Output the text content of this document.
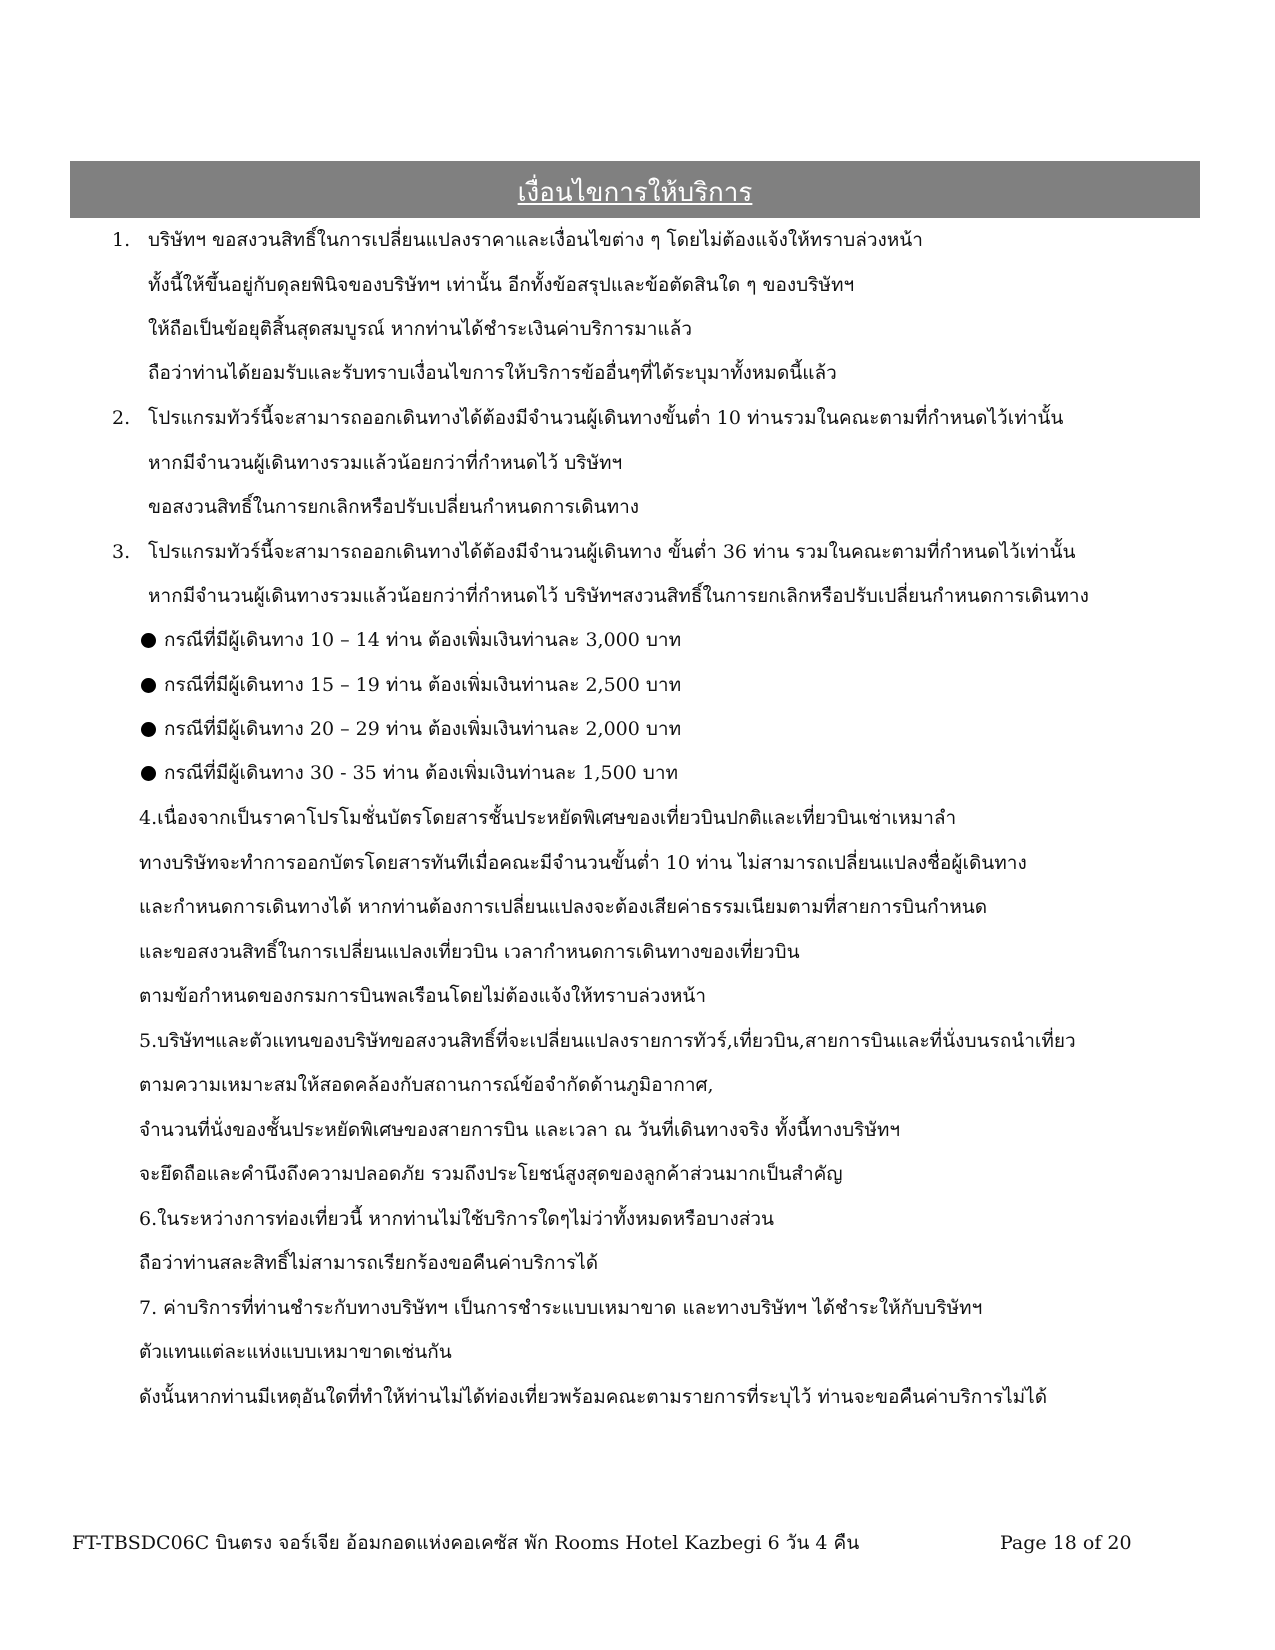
เงื่อนไขการให้บริการ
1. บริษัทฯ ขอสงวนสิทธิ์ในการเปลี่ยนแปลงราคาและเงื่อนไขต่าง ๆ โดยไม่ต้องแจ้งให้ทราบล่วงหน้า
ทั้งนี้ให้ขึ้นอยู่กับดุลยพินิจของบริษัทฯ เท่านั้น อีกทั้งข้อสรุปและข้อตัดสินใด ๆ ของบริษัทฯ
ให้ถือเป็นข้อยุติสิ้นสุดสมบูรณ์ หากท่านได้ชำระเงินค่าบริการมาแล้ว
ถือว่าท่านได้ยอมรับและรับทราบเงื่อนไขการให้บริการข้ออื่นๆที่ได้ระบุมาทั้งหมดนี้แล้ว
2. โปรแกรมทัวร์นี้จะสามารถออกเดินทางได้ต้องมีจำนวนผู้เดินทางขั้นต่ำ 10 ท่านรวมในคณะตามที่กำหนดไว้เท่านั้น
หากมีจำนวนผู้เดินทางรวมแล้วน้อยกว่าที่กำหนดไว้ บริษัทฯ
ขอสงวนสิทธิ์ในการยกเลิกหรือปรับเปลี่ยนกำหนดการเดินทาง
3. โปรแกรมทัวร์นี้จะสามารถออกเดินทางได้ต้องมีจำนวนผู้เดินทาง ขั้นต่ำ 36 ท่าน รวมในคณะตามที่กำหนดไว้เท่านั้น
หากมีจำนวนผู้เดินทางรวมแล้วน้อยกว่าที่กำหนดไว้ บริษัทฯสงวนสิทธิ์ในการยกเลิกหรือปรับเปลี่ยนกำหนดการเดินทาง
กรณีที่มีผู้เดินทาง 10 – 14 ท่าน ต้องเพิ่มเงินท่านละ 3,000 บาท
กรณีที่มีผู้เดินทาง 15 – 19 ท่าน ต้องเพิ่มเงินท่านละ 2,500 บาท
กรณีที่มีผู้เดินทาง 20 – 29 ท่าน ต้องเพิ่มเงินท่านละ 2,000 บาท
กรณีที่มีผู้เดินทาง 30 - 35 ท่าน ต้องเพิ่มเงินท่านละ 1,500 บาท
4.เนื่องจากเป็นราคาโปรโมชั่นบัตรโดยสารชั้นประหยัดพิเศษของเที่ยวบินปกติและเที่ยวบินเช่าเหมาลำ
ทางบริษัทจะทำการออกบัตรโดยสารทันทีเมื่อคณะมีจำนวนขั้นต่ำ 10 ท่าน ไม่สามารถเปลี่ยนแปลงชื่อผู้เดินทาง
และกำหนดการเดินทางได้ หากท่านต้องการเปลี่ยนแปลงจะต้องเสียค่าธรรมเนียมตามที่สายการบินกำหนด
และขอสงวนสิทธิ์ในการเปลี่ยนแปลงเที่ยวบิน เวลากำหนดการเดินทางของเที่ยวบิน
ตามข้อกำหนดของกรมการบินพลเรือนโดยไม่ต้องแจ้งให้ทราบล่วงหน้า
5.บริษัทฯและตัวแทนของบริษัทขอสงวนสิทธิ์ที่จะเปลี่ยนแปลงรายการทัวร์,เที่ยวบิน,สายการบินและที่นั่งบนรถนำเที่ยว
ตามความเหมาะสมให้สอดคล้องกับสถานการณ์ข้อจำกัดด้านภูมิอากาศ,
จำนวนที่นั่งของชั้นประหยัดพิเศษของสายการบิน และเวลา ณ วันที่เดินทางจริง ทั้งนี้ทางบริษัทฯ
จะยึดถือและคำนึงถึงความปลอดภัย รวมถึงประโยชน์สูงสุดของลูกค้าส่วนมากเป็นสำคัญ
6.ในระหว่างการท่องเที่ยวนี้ หากท่านไม่ใช้บริการใดๆไม่ว่าทั้งหมดหรือบางส่วน
ถือว่าท่านสละสิทธิ์ไม่สามารถเรียกร้องขอคืนค่าบริการได้
7. ค่าบริการที่ท่านชำระกับทางบริษัทฯ เป็นการชำระแบบเหมาขาด และทางบริษัทฯ ได้ชำระให้กับบริษัทฯ
ตัวแทนแต่ละแห่งแบบเหมาขาดเช่นกัน
ดังนั้นหากท่านมีเหตุอันใดที่ทำให้ท่านไม่ได้ท่องเที่ยวพร้อมคณะตามรายการที่ระบุไว้ ท่านจะขอคืนค่าบริการไม่ได้
FT-TBSDC06C บินตรง จอร์เจีย อ้อมกอดแห่งคอเคซัส พัก Rooms Hotel Kazbegi 6 วัน 4 คืน	Page 18 of 20
